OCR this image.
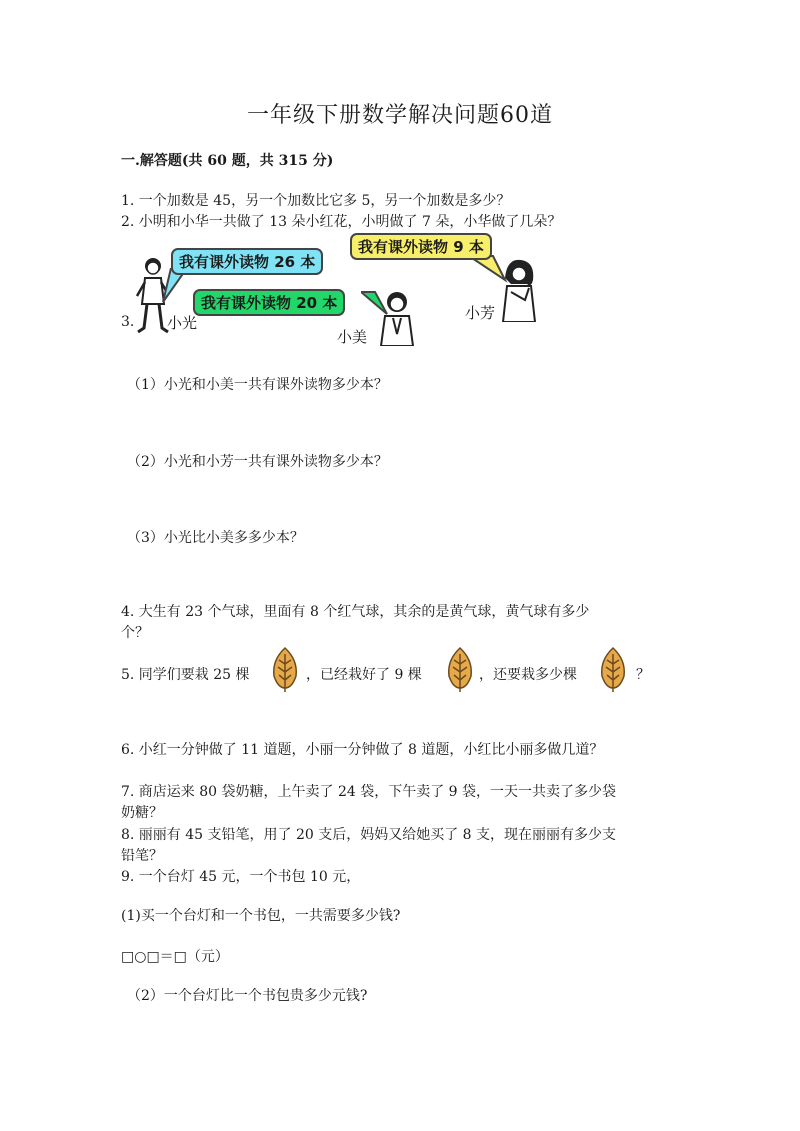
一年级下册数学解决问题60道
一.解答题(共 60 题，共 315 分)
1. 一个加数是 45，另一个加数比它多 5，另一个加数是多少？
2. 小明和小华一共做了 13 朵小红花，小明做了 7 朵，小华做了几朵？
3. 小光
我有课外读物 26 本
我有课外读物 20 本
小美
我有课外读物 9 本
小芳
（1）小光和小美一共有课外读物多少本？
（2）小光和小芳一共有课外读物多少本？
（3）小光比小美多多少本？
4. 大生有 23 个气球，里面有 8 个红气球，其余的是黄气球，黄气球有多少
个？
5. 同学们要栽 25 棵	，已经栽好了 9 棵	，还要栽多少棵	？
6. 小红一分钟做了 11 道题，小丽一分钟做了 8 道题，小红比小丽多做几道？
7. 商店运来 80 袋奶糖，上午卖了 24 袋，下午卖了 9 袋，一天一共卖了多少袋
奶糖？
8. 丽丽有 45 支铅笔，用了 20 支后，妈妈又给她买了 8 支，现在丽丽有多少支
铅笔？
9. 一个台灯 45 元，一个书包 10 元，
(1)买一个台灯和一个书包，一共需要多少钱?
□○□＝□（元）
（2）一个台灯比一个书包贵多少元钱?
